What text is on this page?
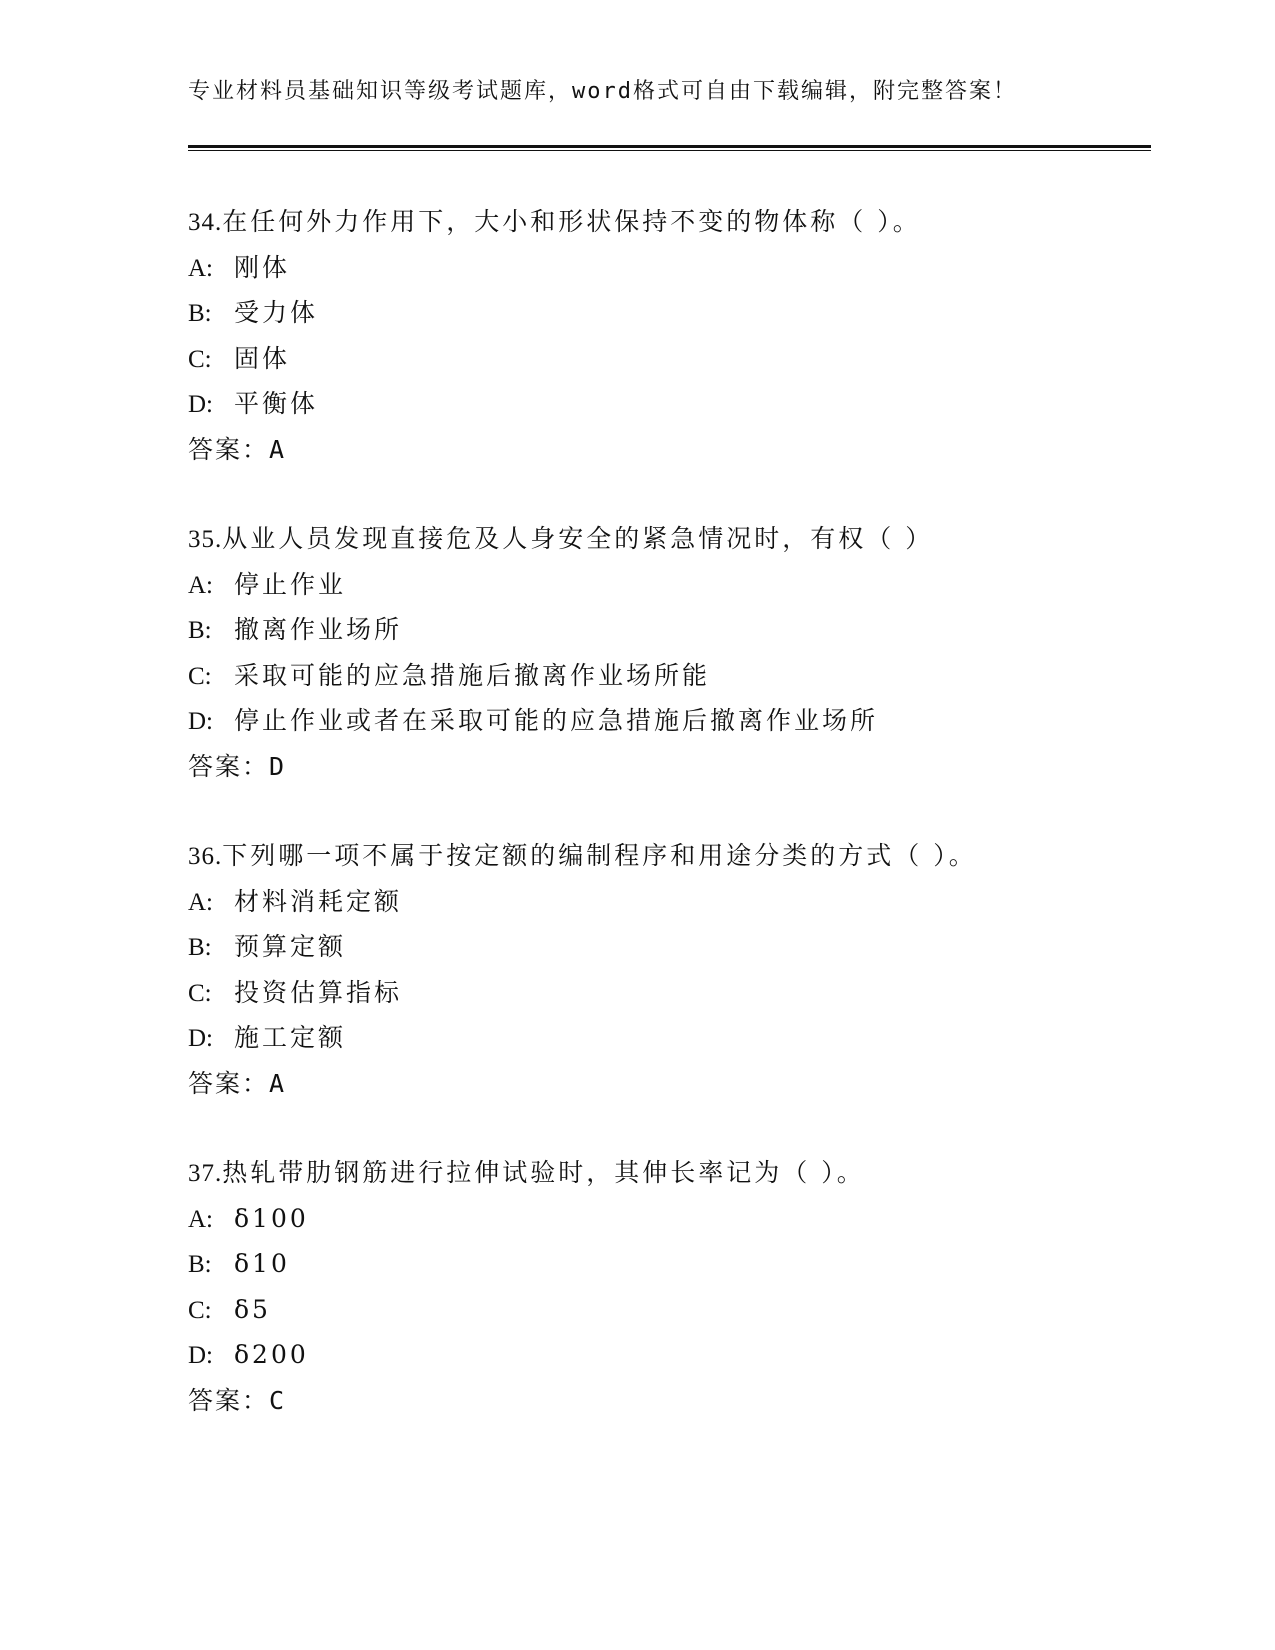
专业材料员基础知识等级考试题库，word格式可自由下载编辑，附完整答案！
34.在任何外力作用下，大小和形状保持不变的物体称（ ）。
A: 刚体
B: 受力体
C: 固体
D: 平衡体
答案：A
35.从业人员发现直接危及人身安全的紧急情况时，有权（ ）
A: 停止作业
B: 撤离作业场所
C: 采取可能的应急措施后撤离作业场所能
D: 停止作业或者在采取可能的应急措施后撤离作业场所
答案：D
36.下列哪一项不属于按定额的编制程序和用途分类的方式（ ）。
A: 材料消耗定额
B: 预算定额
C: 投资估算指标
D: 施工定额
答案：A
37.热轧带肋钢筋进行拉伸试验时，其伸长率记为（ ）。
A: δ100
B: δ10
C: δ5
D: δ200
答案：C
